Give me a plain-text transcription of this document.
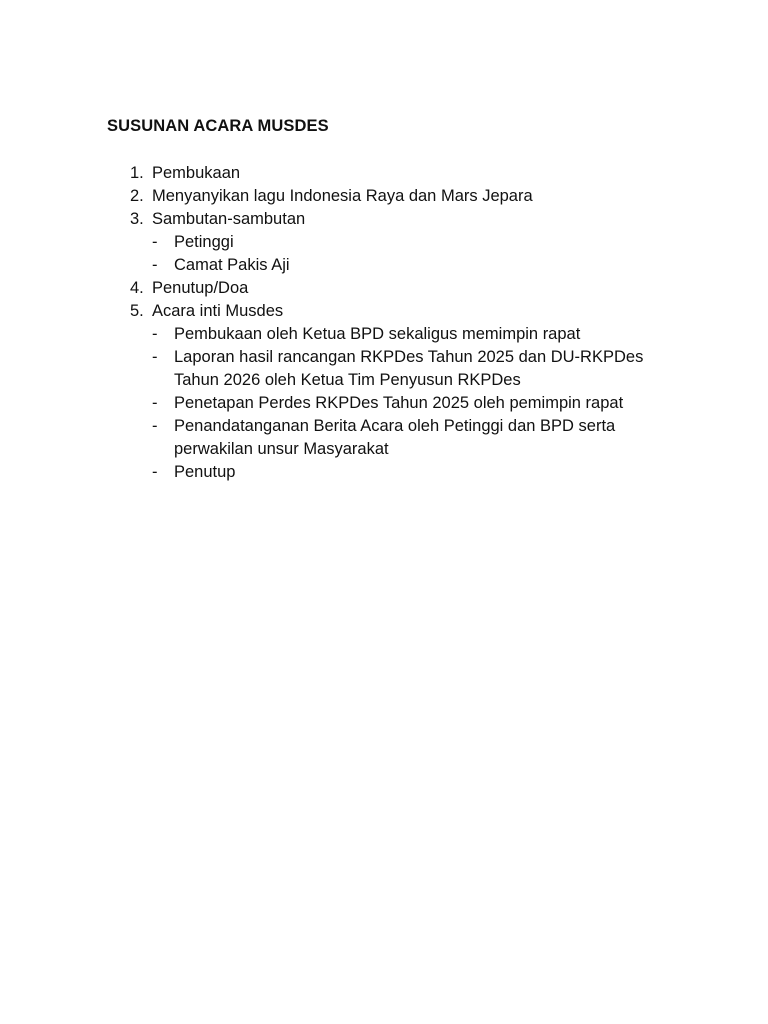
SUSUNAN ACARA MUSDES
1. Pembukaan
2. Menyanyikan lagu Indonesia Raya dan Mars Jepara
3. Sambutan-sambutan
- Petinggi
- Camat Pakis Aji
4. Penutup/Doa
5. Acara inti Musdes
- Pembukaan oleh Ketua BPD sekaligus memimpin rapat
- Laporan hasil rancangan RKPDes Tahun 2025 dan DU-RKPDes
Tahun 2026 oleh Ketua Tim Penyusun RKPDes
- Penetapan Perdes RKPDes Tahun 2025 oleh pemimpin rapat
- Penandatanganan Berita Acara oleh Petinggi dan BPD serta
perwakilan unsur Masyarakat
- Penutup
